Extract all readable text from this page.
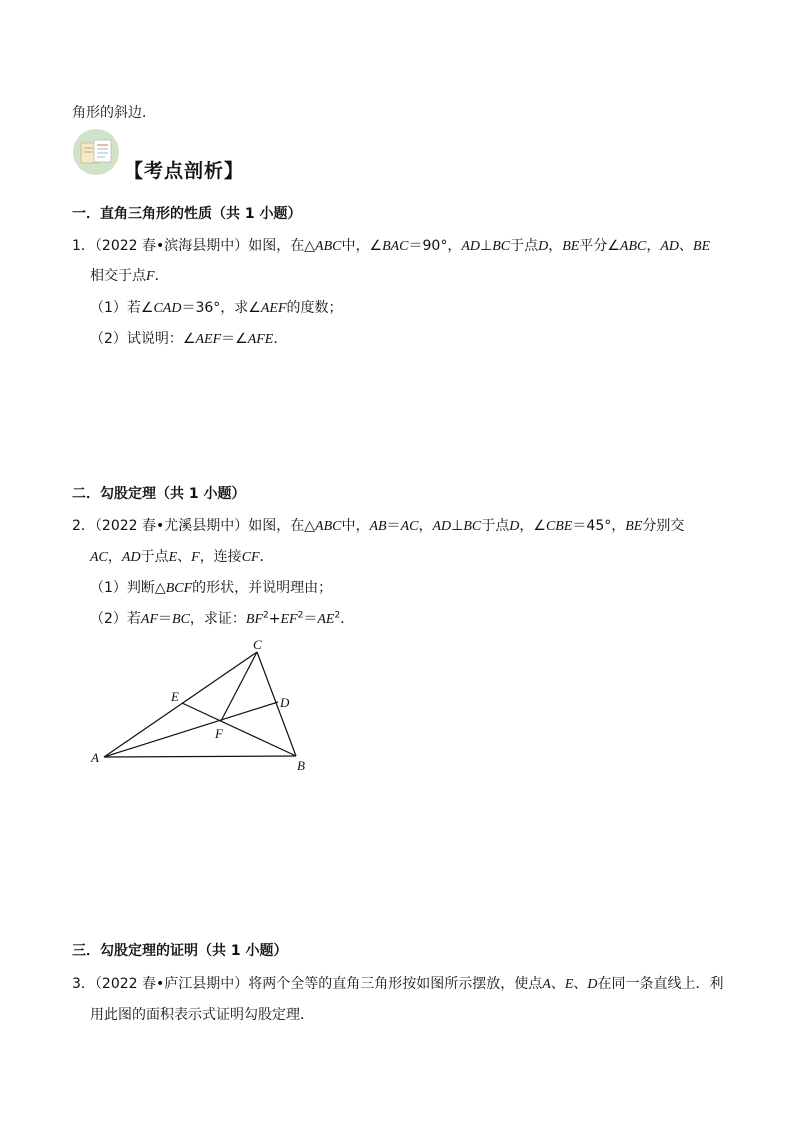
角形的斜边．
【考点剖析】
一．直角三角形的性质（共 1 小题）
1．（2022 春•滨海县期中）如图，在△ABC中，∠BAC＝90°，AD⊥BC于点D，BE平分∠ABC，AD、BE
相交于点F．
（1）若∠CAD＝36°，求∠AEF的度数；
（2）试说明：∠AEF＝∠AFE．
二．勾股定理（共 1 小题）
2．（2022 春•尤溪县期中）如图，在△ABC中，AB＝AC，AD⊥BC于点D，∠CBE＝45°，BE分别交
AC，AD于点E、F，连接CF．
（1）判断△BCF的形状，并说明理由；
（2）若AF＝BC，求证：$BF^2+EF^2=AE^2$．
A
B
C
D
E
F
三．勾股定理的证明（共 1 小题）
3．（2022 春•庐江县期中）将两个全等的直角三角形按如图所示摆放，使点A、E、D在同一条直线上．利
用此图的面积表示式证明勾股定理．
